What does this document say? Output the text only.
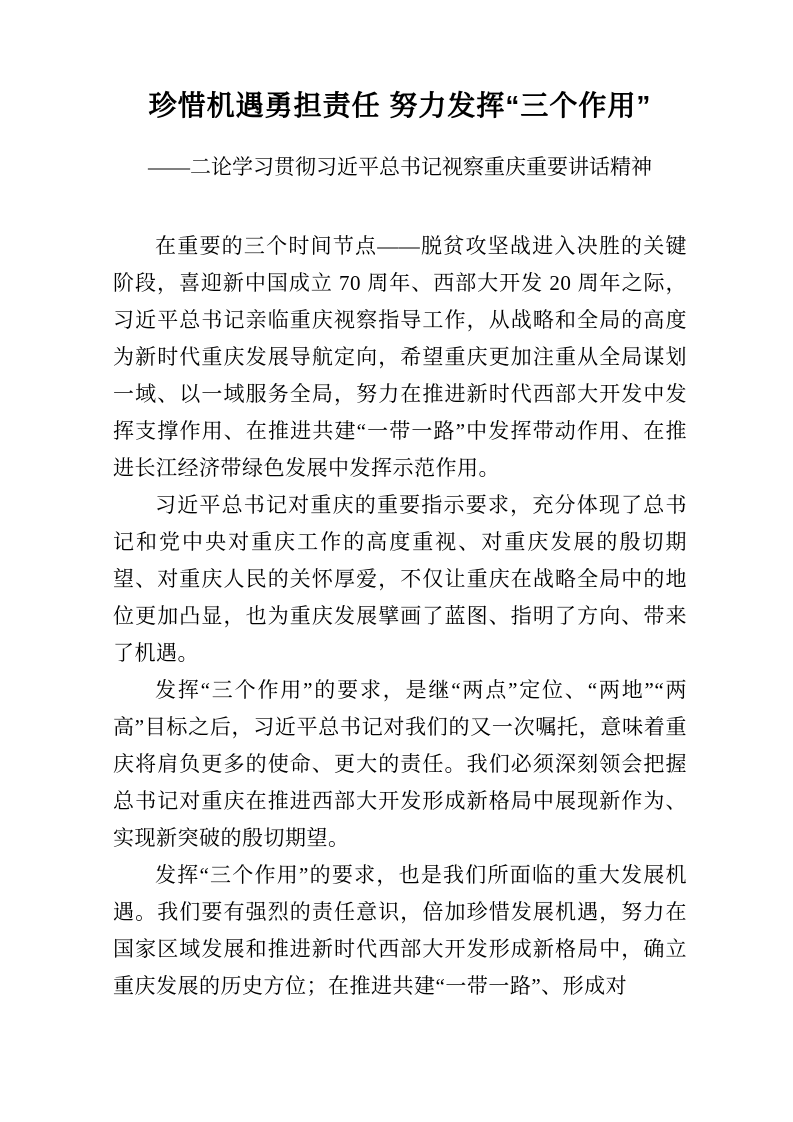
珍惜机遇勇担责任 努力发挥“三个作用”
——二论学习贯彻习近平总书记视察重庆重要讲话精神

在重要的三个时间节点——脱贫攻坚战进入决胜的关键阶段，喜迎新中国成立 70 周年、西部大开发 20 周年之际，习近平总书记亲临重庆视察指导工作，从战略和全局的高度为新时代重庆发展导航定向，希望重庆更加注重从全局谋划一域、以一域服务全局，努力在推进新时代西部大开发中发挥支撑作用、在推进共建“一带一路”中发挥带动作用、在推进长江经济带绿色发展中发挥示范作用。

习近平总书记对重庆的重要指示要求，充分体现了总书记和党中央对重庆工作的高度重视、对重庆发展的殷切期望、对重庆人民的关怀厚爱，不仅让重庆在战略全局中的地位更加凸显，也为重庆发展擘画了蓝图、指明了方向、带来了机遇。

发挥“三个作用”的要求，是继“两点”定位、“两地”“两高”目标之后，习近平总书记对我们的又一次嘱托，意味着重庆将肩负更多的使命、更大的责任。我们必须深刻领会把握总书记对重庆在推进西部大开发形成新格局中展现新作为、实现新突破的殷切期望。

发挥“三个作用”的要求，也是我们所面临的重大发展机遇。我们要有强烈的责任意识，倍加珍惜发展机遇，努力在国家区域发展和推进新时代西部大开发形成新格局中，确立重庆发展的历史方位；在推进共建“一带一路”、形成对
